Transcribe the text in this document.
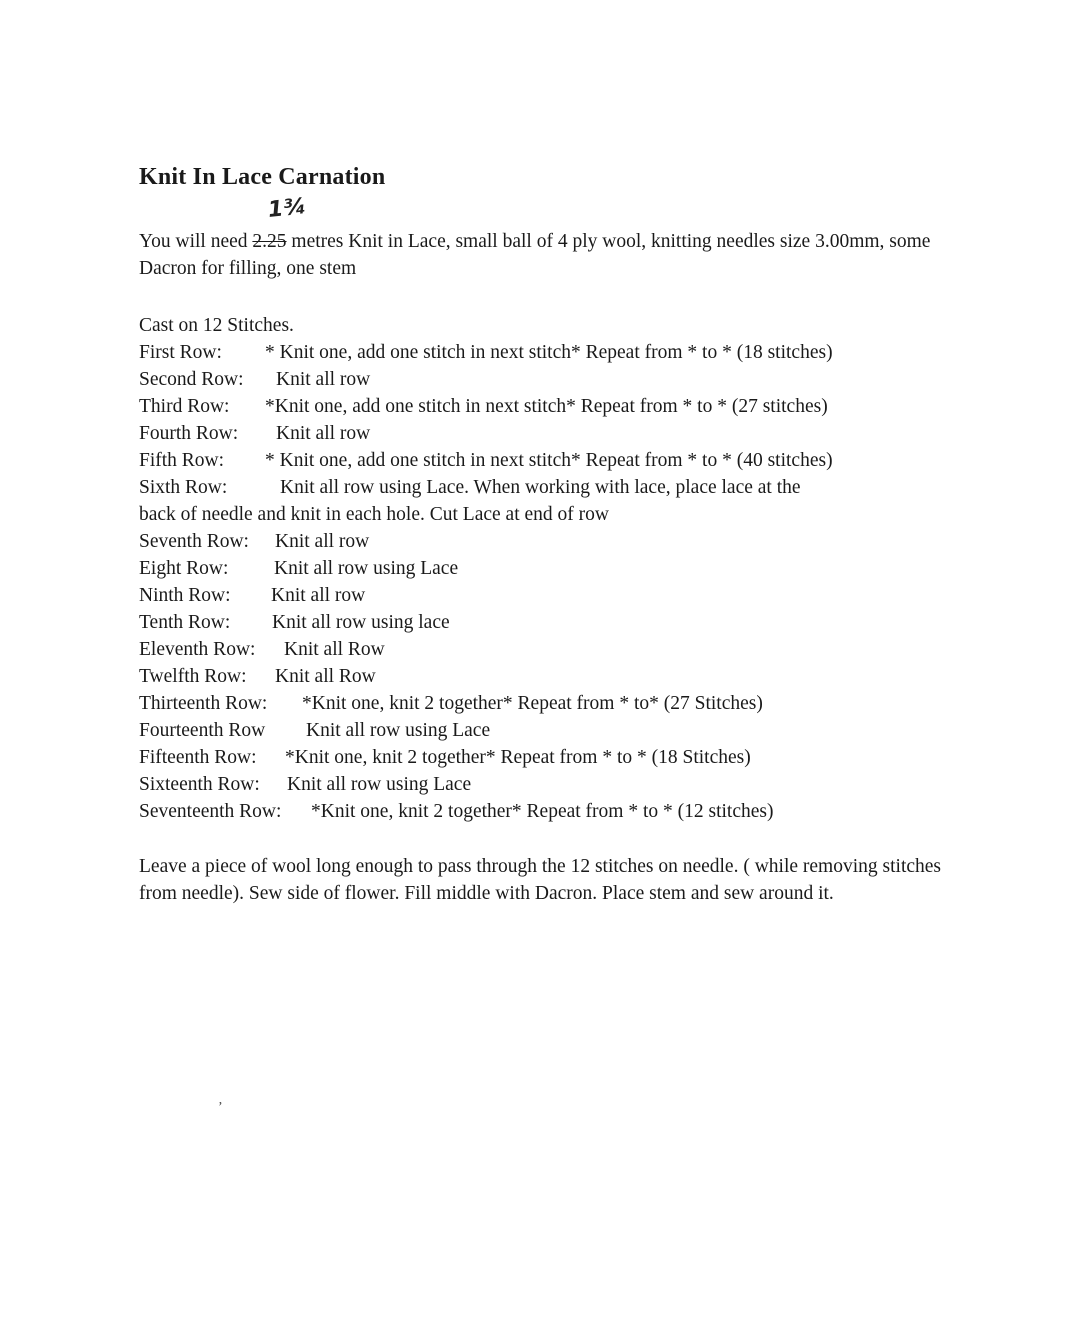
Knit In Lace Carnation
1¾

You will need 2.25 metres Knit in Lace, small ball of 4 ply wool, knitting needles size 3.00mm, some Dacron for filling, one stem

Cast on 12 Stitches.
First Row: * Knit one, add one stitch in next stitch* Repeat from * to * (18 stitches)
Second Row: Knit all row
Third Row: *Knit one, add one stitch in next stitch* Repeat from * to * (27 stitches)
Fourth Row: Knit all row
Fifth Row: * Knit one, add one stitch in next stitch* Repeat from * to * (40 stitches)
Sixth Row:	Knit all row using Lace. When working with lace, place lace at the
back of needle and knit in each hole. Cut Lace at end of row
Seventh Row: Knit all row
Eight Row: Knit all row using Lace
Ninth Row: Knit all row
Tenth Row: Knit all row using lace
Eleventh Row: Knit all Row
Twelfth Row: Knit all Row
Thirteenth Row: *Knit one, knit 2 together* Repeat from * to* (27 Stitches)
Fourteenth Row Knit all row using Lace
Fifteenth Row: *Knit one, knit 2 together* Repeat from * to * (18 Stitches)
Sixteenth Row: Knit all row using Lace
Seventeenth Row: *Knit one, knit 2 together* Repeat from * to * (12 stitches)

Leave a piece of wool long enough to pass through the 12 stitches on needle. ( while removing stitches from needle). Sew side of flower. Fill middle with Dacron. Place stem and sew around it.

’
